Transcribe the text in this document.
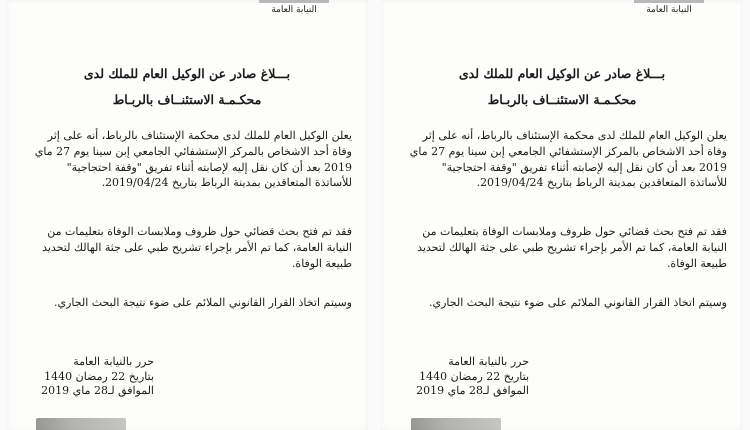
النيابة العامة
بـــلاغ صادر عن الوكيل العام للملك لدى
محكـمـة الاستئنــاف بالربـاط
يعلن الوكيل العام للملك لدى محكمة الإستئناف بالرباط، أنه على إثر
وفاة أحد الاشخاص بالمركز الإستشفائي الجامعي إبن سينا يوم 27 ماي
2019 بعد أن كان نقل إليه لإصابته أثناء تفريق "وقفة احتجاجية"
للأساتذة المتعاقدين بمدينة الرباط بتاريخ 2019/04/24.
فقد تم فتح بحث قضائي حول ظروف وملابسات الوفاة بتعليمات من
النيابة العامة، كما تم الأمر بإجراء تشريح طبي على جثة الهالك لتحديد
طبيعة الوفاة.
وسيتم اتخاذ القرار القانوني الملائم على ضوء نتيجة البحث الجاري.
حرر بالنيابة العامة
بتاريخ 22 رمضان 1440
الموافق لـ28 ماي 2019
النيابة العامة
بـــلاغ صادر عن الوكيل العام للملك لدى
محكـمـة الاستئنــاف بالربـاط
يعلن الوكيل العام للملك لدى محكمة الإستئناف بالرباط، أنه على إثر
وفاة أحد الاشخاص بالمركز الإستشفائي الجامعي إبن سينا يوم 27 ماي
2019 بعد أن كان نقل إليه لإصابته أثناء تفريق "وقفة احتجاجية"
للأساتذة المتعاقدين بمدينة الرباط بتاريخ 2019/04/24.
فقد تم فتح بحث قضائي حول ظروف وملابسات الوفاة بتعليمات من
النيابة العامة، كما تم الأمر بإجراء تشريح طبي على جثة الهالك لتحديد
طبيعة الوفاة.
وسيتم اتخاذ القرار القانوني الملائم على ضوء نتيجة البحث الجاري.
حرر بالنيابة العامة
بتاريخ 22 رمضان 1440
الموافق لـ28 ماي 2019
